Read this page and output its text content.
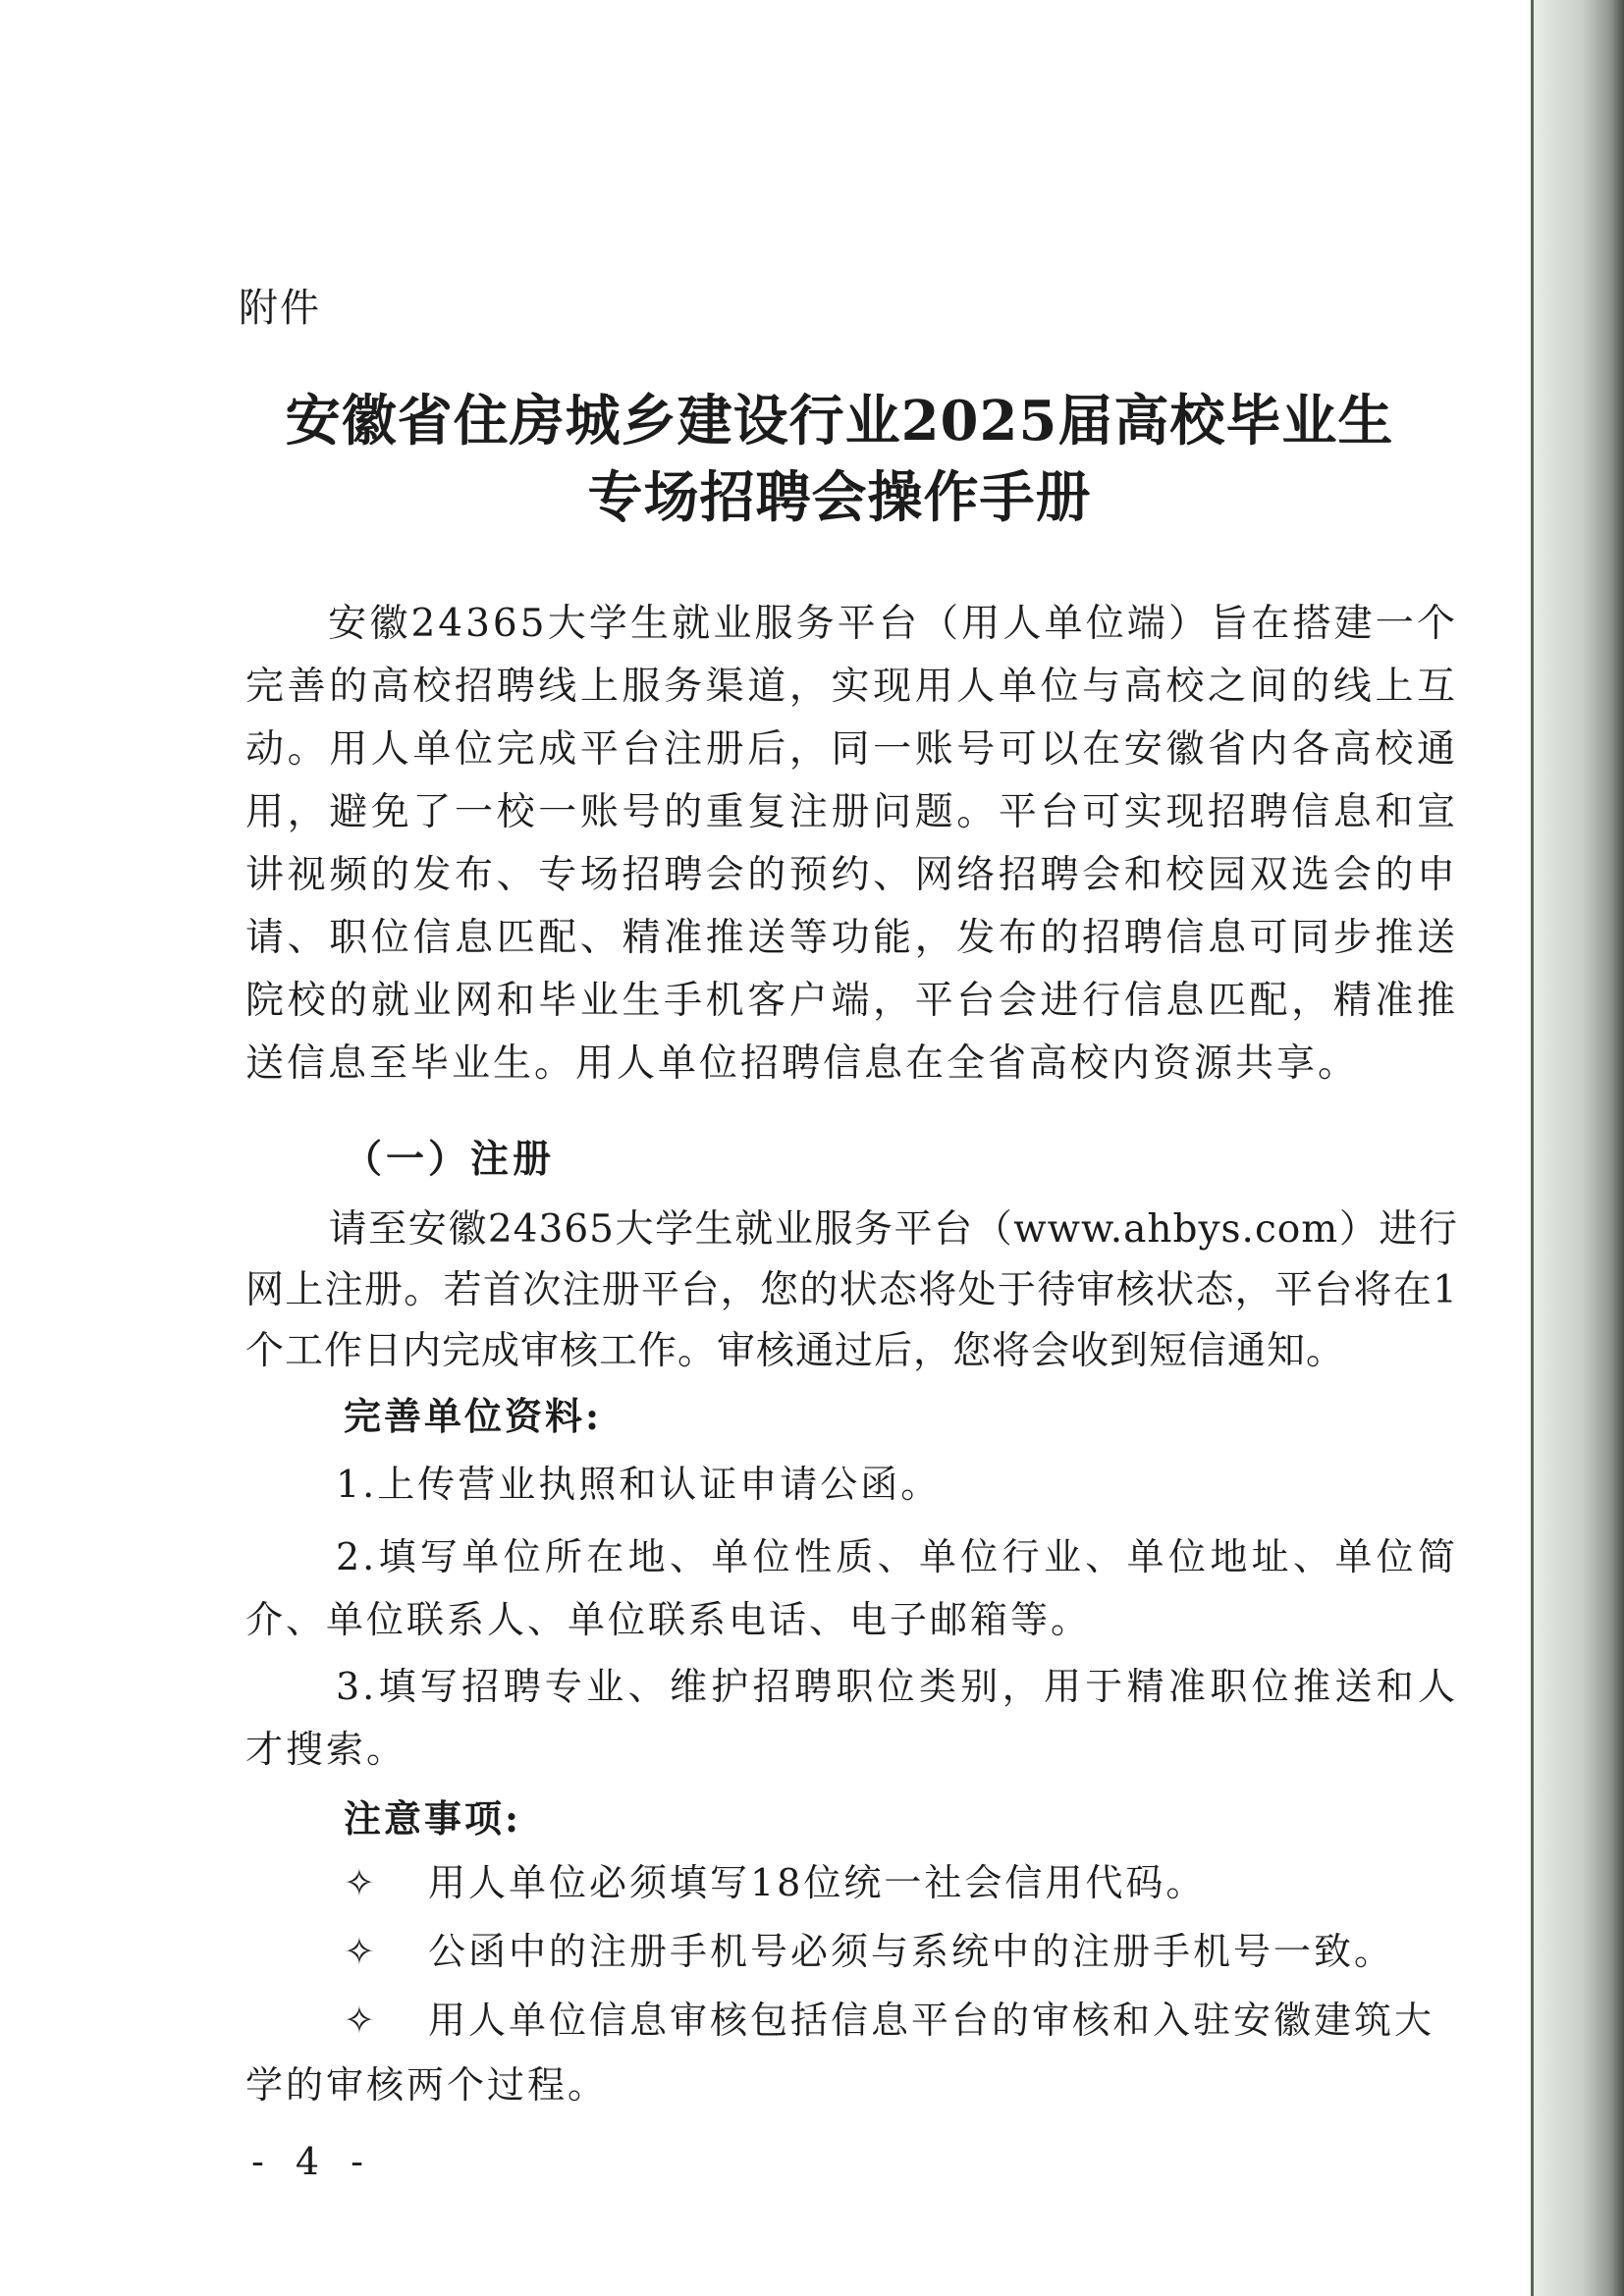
附件
安徽省住房城乡建设行业2025届高校毕业生
专场招聘会操作手册
安徽24365大学生就业服务平台（用人单位端）旨在搭建一个完善的高校招聘线上服务渠道，实现用人单位与高校之间的线上互动。用人单位完成平台注册后，同一账号可以在安徽省内各高校通用，避免了一校一账号的重复注册问题。平台可实现招聘信息和宣讲视频的发布、专场招聘会的预约、网络招聘会和校园双选会的申请、职位信息匹配、精准推送等功能，发布的招聘信息可同步推送院校的就业网和毕业生手机客户端，平台会进行信息匹配，精准推送信息至毕业生。用人单位招聘信息在全省高校内资源共享。
（一）注册
请至安徽24365大学生就业服务平台（www.ahbys.com）进行网上注册。若首次注册平台，您的状态将处于待审核状态，平台将在1个工作日内完成审核工作。审核通过后，您将会收到短信通知。
完善单位资料:
1.上传营业执照和认证申请公函。
2.填写单位所在地、单位性质、单位行业、单位地址、单位简介、单位联系人、单位联系电话、电子邮箱等。
3.填写招聘专业、维护招聘职位类别，用于精准职位推送和人才搜索。
注意事项:
✧ 用人单位必须填写18位统一社会信用代码。
✧ 公函中的注册手机号必须与系统中的注册手机号一致。
✧ 用人单位信息审核包括信息平台的审核和入驻安徽建筑大学的审核两个过程。
- 4 -
